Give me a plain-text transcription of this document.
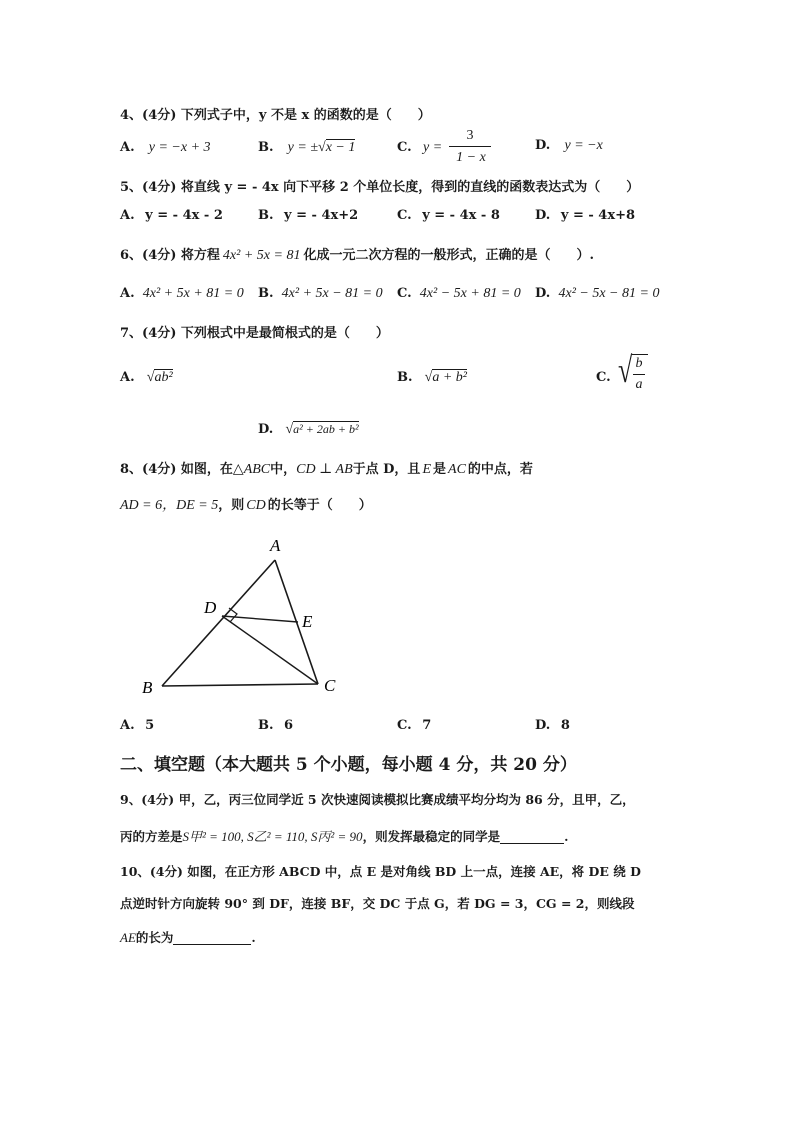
4、(4分) 下列式子中，y 不是 x 的函数的是（　　）
A. y = −x + 3	B. y = ±√x − 1	C. y =
3
1 − x
D. y = −x
5、(4分) 将直线 y = - 4x 向下平移 2 个单位长度，得到的直线的函数表达式为（　　）
A. y = - 4x - 2	B. y = - 4x+2	C. y = - 4x - 8	D. y = - 4x+8
6、(4分) 将方程 4x² + 5x = 81 化成一元二次方程的一般形式，正确的是（　　）.
A. 4x² + 5x + 81 = 0 B. 4x² + 5x − 81 = 0 C. 4x² − 5x + 81 = 0 D. 4x² − 5x − 81 = 0
7、(4分) 下列根式中是最简根式的是（　　）
A. √ab²	B. √a + b²	C. √ b
a
D. √a² + 2ab + b²
8、(4分) 如图，在△ABC中，CD ⊥ AB于点 D，且 E 是 AC 的中点，若
AD = 6，DE = 5，则 CD 的长等于（　　）
A
B	C
D
E
A. 5	B. 6	C. 7	D. 8
二、填空题（本大题共 5 个小题，每小题 4 分，共 20 分）
9、(4分) 甲，乙，丙三位同学近 5 次快速阅读模拟比赛成绩平均分均为 86 分，且甲，乙，
丙的方差是S甲² = 100, S乙² = 110, S丙² = 90，则发挥最稳定的同学是	.
10、(4分) 如图，在正方形 ABCD 中，点 E 是对角线 BD 上一点，连接 AE，将 DE 绕 D
点逆时针方向旋转 90° 到 DF，连接 BF，交 DC 于点 G，若 DG = 3，CG = 2，则线段
AE的长为	.
